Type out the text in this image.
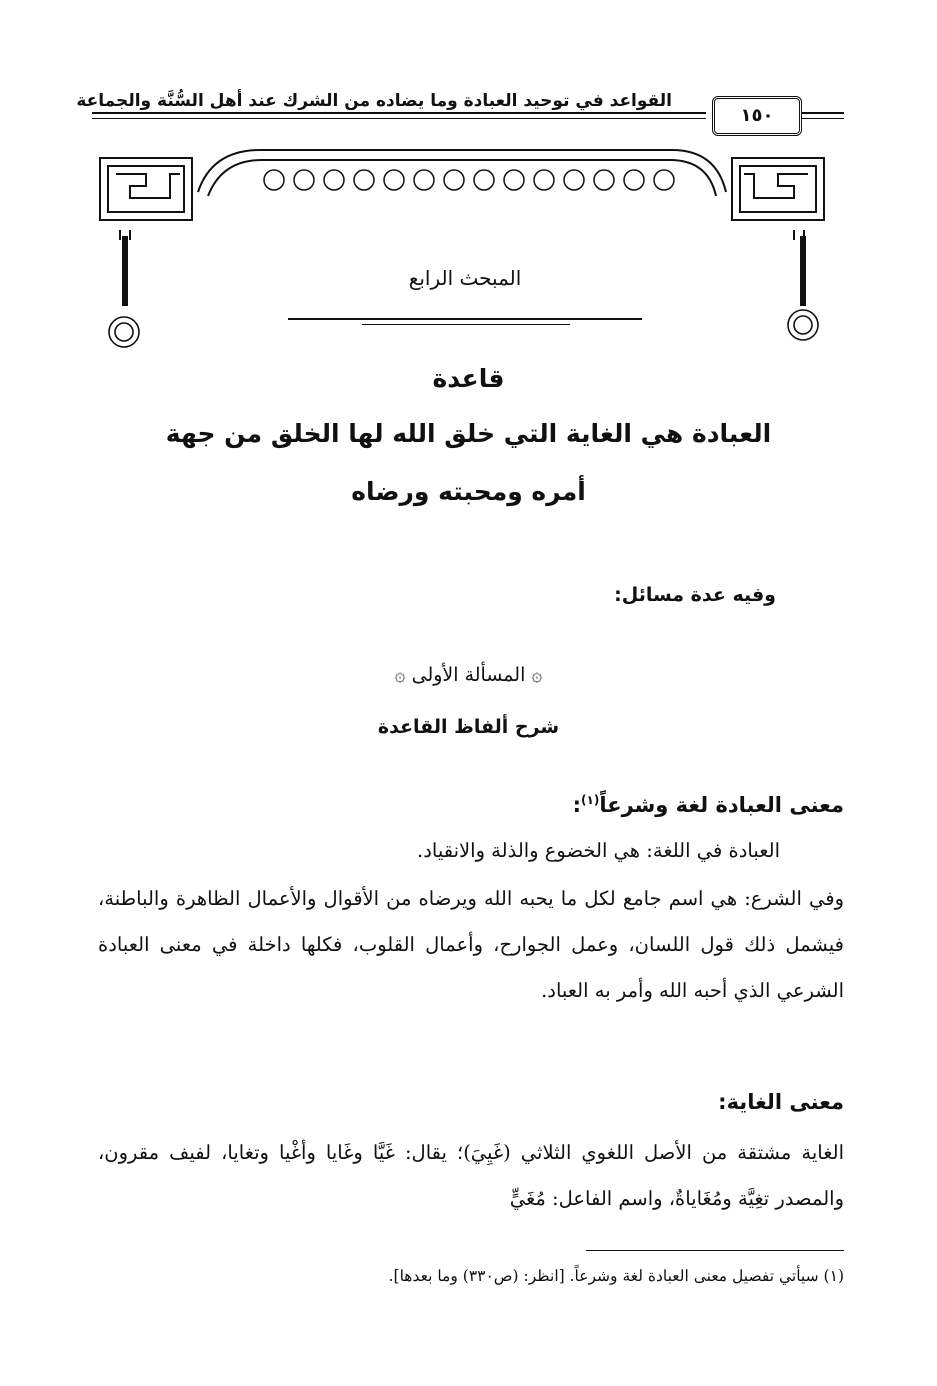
القواعد في توحيد العبادة وما يضاده من الشرك عند أهل السُّنَّة والجماعة
١٥٠
المبحث الرابع
قاعدة
العبادة هي الغاية التي خلق الله لها الخلق من جهة
أمره ومحبته ورضاه
وفيه عدة مسائل:
۞ المسألة الأولى ۞
شرح ألفاظ القاعدة
معنى العبادة لغة وشرعاً$^{(١)}$:
العبادة في اللغة: هي الخضوع والذلة والانقياد.
وفي الشرع: هي اسم جامع لكل ما يحبه الله ويرضاه من الأقوال والأعمال الظاهرة والباطنة، فيشمل ذلك قول اللسان، وعمل الجوارح، وأعمال القلوب، فكلها داخلة في معنى العبادة الشرعي الذي أحبه الله وأمر به العباد.
معنى الغاية:
الغاية مشتقة من الأصل اللغوي الثلاثي (غَيِيَ)؛ يقال: غَيَّا وغَايا وأغْيا وتغايا، لفيف مقرون، والمصدر تغِيَّة ومُغَاياةٌ، واسم الفاعل: مُغَيٍّ
(١) سيأتي تفصيل معنى العبادة لغة وشرعاً. [انظر: (ص٣٣٠) وما بعدها].
